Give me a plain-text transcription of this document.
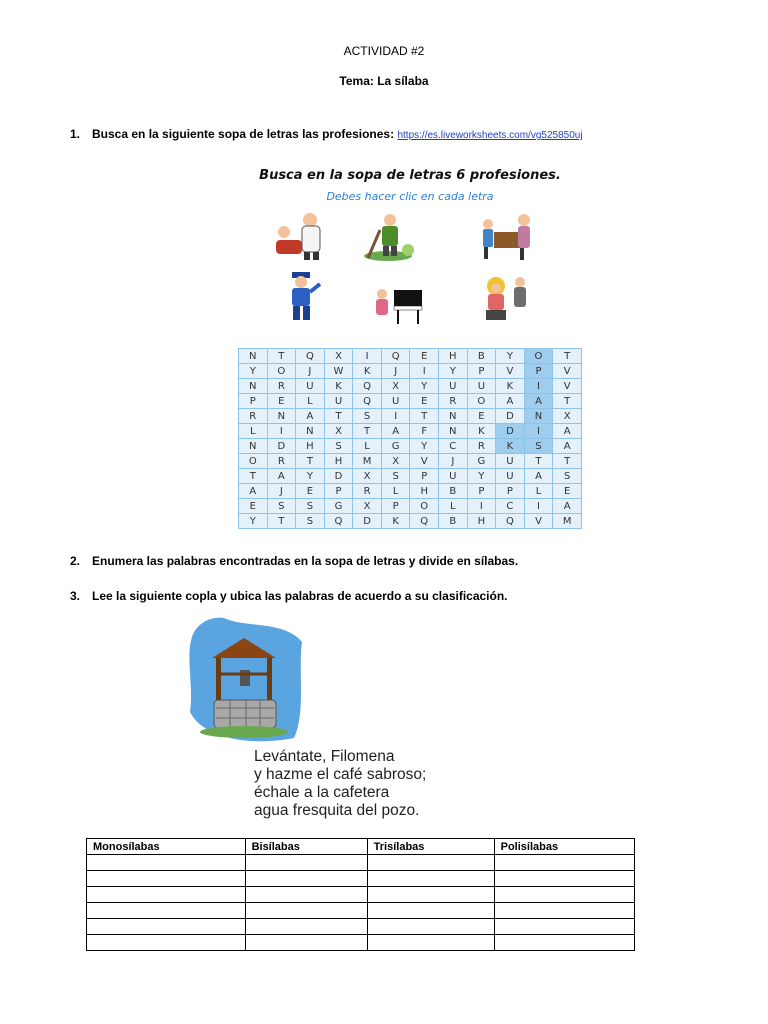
ACTIVIDAD #2
Tema: La sílaba
1. Busca en la siguiente sopa de letras las profesiones: https://es.liveworksheets.com/vg525850uj
Busca en la sopa de letras 6 profesiones.
Debes hacer clic en cada letra
N	T	Q	X	I	Q	E	H	B	Y	O	T
Y	O	J	W	K	J	I	Y	P	V	P	V
N	R	U	K	Q	X	Y	U	U	K	I	V
P	E	L	U	Q	U	E	R	O	A	A	T
R	N	A	T	S	I	T	N	E	D	N	X
L	I	N	X	T	A	F	N	K	D	I	A
N	D	H	S	L	G	Y	C	R	K	S	A
O	R	T	H	M	X	V	J	G	U	T	T
T	A	Y	D	X	S	P	U	Y	U	A	S
A	J	E	P	R	L	H	B	P	P	L	E
E	S	S	G	X	P	O	L	I	C	I	A
Y	T	S	Q	D	K	Q	B	H	Q	V	M
2. Enumera las palabras encontradas en la sopa de letras y divide en sílabas.
3. Lee la siguiente copla y ubica las palabras de acuerdo a su clasificación.
Levántate, Filomena
y hazme el café sabroso;
échale a la cafetera
agua fresquita del pozo.
Monosílabas	Bisílabas	Trisílabas	Polisílabas
